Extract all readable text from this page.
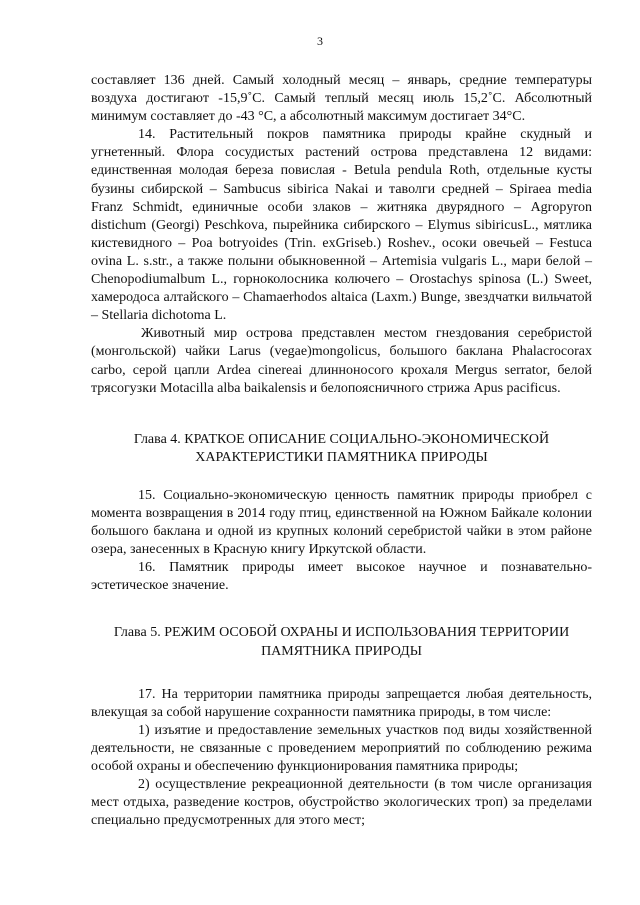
3

составляет 136 дней. Самый холодный месяц – январь, средние температуры воздуха достигают -15,9˚С. Самый теплый месяц июль 15,2˚С. Абсолютный минимум составляет до -43 °С, а абсолютный максимум достигает 34°С.

14. Растительный покров памятника природы крайне скудный и угнетенный. Флора сосудистых растений острова представлена 12 видами: единственная молодая береза повислая - Betula pendula Roth, отдельные кусты бузины сибирской – Sambucus sibirica Nakai и таволги средней – Spiraea media Franz Schmidt, единичные особи злаков – житняка двурядного – Agropyron distichum (Georgi) Peschkova, пырейника сибирского – Elymus sibiricusL., мятлика кистевидного – Poa botryoides (Trin. exGriseb.) Roshev., осоки овечьей – Festuca ovina L. s.str., а также полыни обыкновенной – Artemisia vulgaris L., мари белой – Chenopodiumalbum L., горноколосника колючего – Orostachys spinosa (L.) Sweet, хамеродоса алтайского – Chamaerhodos altaica (Laxm.) Bunge, звездчатки вильчатой – Stellaria dichotoma L.

Животный мир острова представлен местом гнездования серебристой (монгольской) чайки Larus (vegae)mongolicus, большого баклана Phalacrocorax carbo, серой цапли Ardea cinereai длинноносого крохаля Mergus serrator, белой трясогузки Motacilla alba baikalensis и белопоясничного стрижа Apus pacificus.

Глава 4. КРАТКОЕ ОПИСАНИЕ СОЦИАЛЬНО-ЭКОНОМИЧЕСКОЙ ХАРАКТЕРИСТИКИ ПАМЯТНИКА ПРИРОДЫ

15. Социально-экономическую ценность памятник природы приобрел с момента возвращения в 2014 году птиц, единственной на Южном Байкале колонии большого баклана и одной из крупных колоний серебристой чайки в этом районе озера, занесенных в Красную книгу Иркутской области.

16. Памятник природы имеет высокое научное и познавательно-эстетическое значение.

Глава 5. РЕЖИМ ОСОБОЙ ОХРАНЫ И ИСПОЛЬЗОВАНИЯ ТЕРРИТОРИИ ПАМЯТНИКА ПРИРОДЫ

17. На территории памятника природы запрещается любая деятельность, влекущая за собой нарушение сохранности памятника природы, в том числе:

1) изъятие и предоставление земельных участков под виды хозяйственной деятельности, не связанные с проведением мероприятий по соблюдению режима особой охраны и обеспечению функционирования памятника природы;

2) осуществление рекреационной деятельности (в том числе организация мест отдыха, разведение костров, обустройство экологических троп) за пределами специально предусмотренных для этого мест;
